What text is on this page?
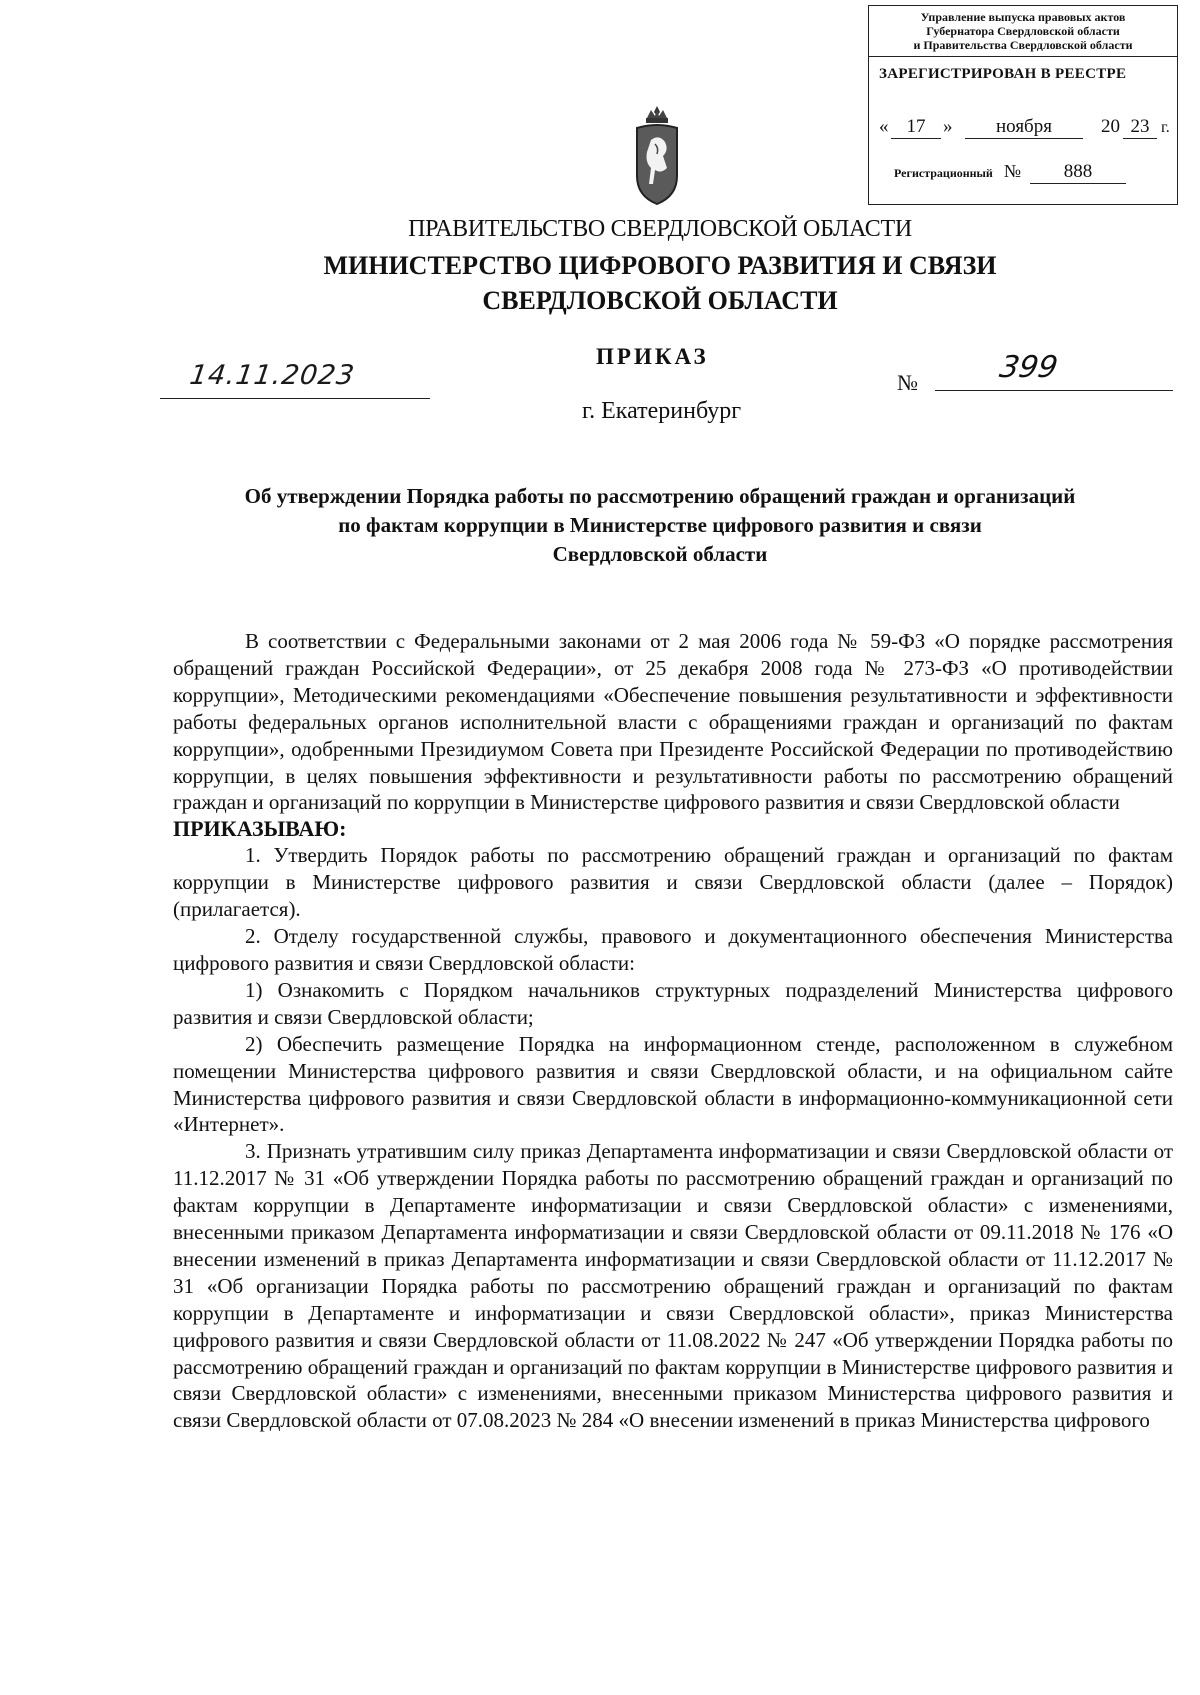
Управление выпуска правовых актов
Губернатора Свердловской области
и Правительства Свердловской области
ЗАРЕГИСТРИРОВАН В РЕЕСТРЕ
« 17 »	ноября	20 23 г.
Регистрационный № 888
ПРАВИТЕЛЬСТВО СВЕРДЛОВСКОЙ ОБЛАСТИ
МИНИСТЕРСТВО ЦИФРОВОГО РАЗВИТИЯ И СВЯЗИ
СВЕРДЛОВСКОЙ ОБЛАСТИ
ПРИКАЗ
14.11.2023	№	399
г. Екатеринбург
Об утверждении Порядка работы по рассмотрению обращений граждан и организаций
по фактам коррупции в Министерстве цифрового развития и связи
Свердловской области

В соответствии с Федеральными законами от 2 мая 2006 года № 59-ФЗ «О порядке рассмотрения обращений граждан Российской Федерации», от 25 декабря 2008 года № 273-ФЗ «О противодействии коррупции», Методическими рекомендациями «Обеспечение повышения результативности и эффективности работы федеральных органов исполнительной власти с обращениями граждан и организаций по фактам коррупции», одобренными Президиумом Совета при Президенте Российской Федерации по противодействию коррупции, в целях повышения эффективности и результативности работы по рассмотрению обращений граждан и организаций по коррупции в Министерстве цифрового развития и связи Свердловской области

ПРИКАЗЫВАЮ:

1. Утвердить Порядок работы по рассмотрению обращений граждан и организаций по фактам коррупции в Министерстве цифрового развития и связи Свердловской области (далее – Порядок) (прилагается).

2. Отделу государственной службы, правового и документационного обеспечения Министерства цифрового развития и связи Свердловской области:

1) Ознакомить с Порядком начальников структурных подразделений Министерства цифрового развития и связи Свердловской области;

2) Обеспечить размещение Порядка на информационном стенде, расположенном в служебном помещении Министерства цифрового развития и связи Свердловской области, и на официальном сайте Министерства цифрового развития и связи Свердловской области в информационно-коммуникационной сети «Интернет».

3. Признать утратившим силу приказ Департамента информатизации и связи Свердловской области от 11.12.2017 № 31 «Об утверждении Порядка работы по рассмотрению обращений граждан и организаций по фактам коррупции в Департаменте информатизации и связи Свердловской области» с изменениями, внесенными приказом Департамента информатизации и связи Свердловской области от 09.11.2018 № 176 «О внесении изменений в приказ Департамента информатизации и связи Свердловской области от 11.12.2017 № 31 «Об организации Порядка работы по рассмотрению обращений граждан и организаций по фактам коррупции в Департаменте и информатизации и связи Свердловской области», приказ Министерства цифрового развития и связи Свердловской области от 11.08.2022 № 247 «Об утверждении Порядка работы по рассмотрению обращений граждан и организаций по фактам коррупции в Министерстве цифрового развития и связи Свердловской области» с изменениями, внесенными приказом Министерства цифрового развития и связи Свердловской области от 07.08.2023 № 284 «О внесении изменений в приказ Министерства цифрового
